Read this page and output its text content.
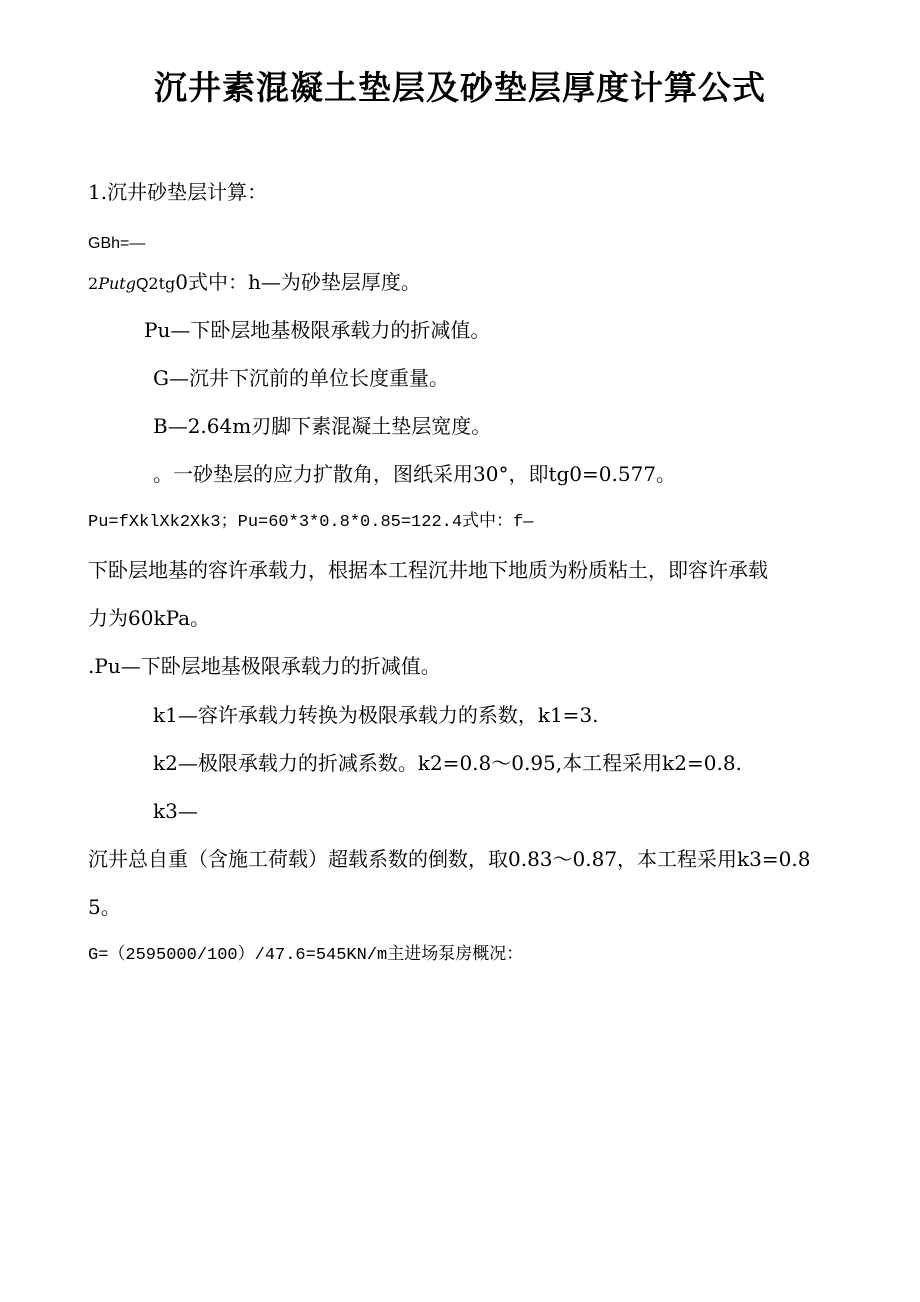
沉井素混凝土垫层及砂垫层厚度计算公式
1.沉井砂垫层计算：
GBh=—
2PutgQ2tg0式中：h—为砂垫层厚度。
Pu—下卧层地基极限承载力的折减值。
G—沉井下沉前的单位长度重量。
B—2.64m刃脚下素混凝土垫层宽度。
。一砂垫层的应力扩散角，图纸采用30°，即tg0=0.577。
Pu=fXklXk2Xk3；Pu=60*3*0.8*0.85=122.4式中：f—
下卧层地基的容许承载力，根据本工程沉井地下地质为粉质粘土，即容许承载
力为60kPa。
.Pu—下卧层地基极限承载力的折减值。
k1—容许承载力转换为极限承载力的系数，k1=3.
k2—极限承载力的折减系数。k2=0.8〜0.95,本工程采用k2=0.8.
k3—
沉井总自重（含施工荷载）超载系数的倒数，取0.83〜0.87，本工程采用k3=0.8
5。
G=（2595000/100）/47.6=545KN/m主进场泵房概况：
